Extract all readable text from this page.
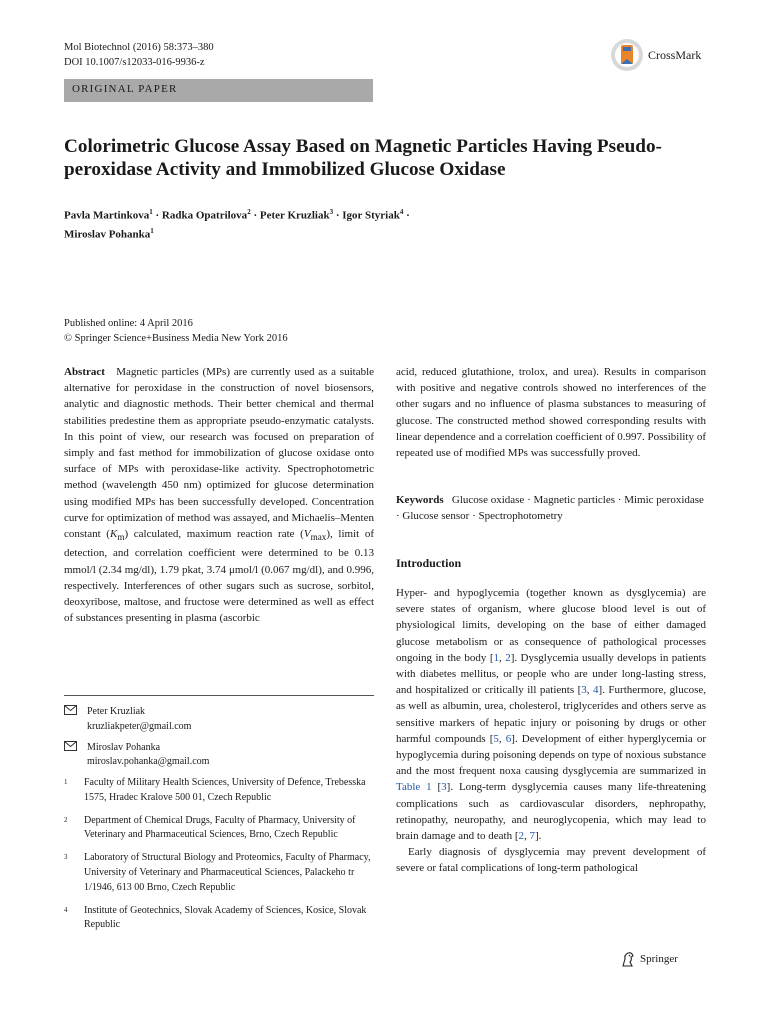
Mol Biotechnol (2016) 58:373–380
DOI 10.1007/s12033-016-9936-z
CrossMark
ORIGINAL PAPER
Colorimetric Glucose Assay Based on Magnetic Particles Having Pseudo-peroxidase Activity and Immobilized Glucose Oxidase
Pavla Martinkova$^1$ · Radka Opatrilova$^2$ · Peter Kruzliak$^3$ · Igor Styriak$^4$ ·
Miroslav Pohanka$^1$
Published online: 4 April 2016
© Springer Science+Business Media New York 2016
Abstract Magnetic particles (MPs) are currently used as a suitable alternative for peroxidase in the construction of novel biosensors, analytic and diagnostic methods. Their better chemical and thermal stabilities predestine them as appropriate pseudo-enzymatic catalysts. In this point of view, our research was focused on preparation of simply and fast method for immobilization of glucose oxidase onto surface of MPs with peroxidase-like activity. Spectrophotometric method (wavelength 450 nm) optimized for glucose determination using modified MPs has been successfully developed. Concentration curve for optimization of method was assayed, and Michaelis–Menten constant $(K_m)$ calculated, maximum reaction rate $(V_{max})$, limit of detection, and correlation coefficient were determined to be 0.13 mmol/l (2.34 mg/dl), 1.79 pkat, 3.74 μmol/l (0.067 mg/dl), and 0.996, respectively. Interferences of other sugars such as sucrose, sorbitol, deoxyribose, maltose, and fructose were determined as well as effect of substances presenting in plasma (ascorbic
acid, reduced glutathione, trolox, and urea). Results in comparison with positive and negative controls showed no interferences of the other sugars and no influence of plasma substances to measuring of glucose. The constructed method showed corresponding results with linear dependence and a correlation coefficient of 0.997. Possibility of repeated use of modified MPs was successfully proved.
Keywords Glucose oxidase · Magnetic particles · Mimic peroxidase · Glucose sensor · Spectrophotometry
Introduction

Hyper- and hypoglycemia (together known as dysglycemia) are severe states of organism, where glucose blood level is out of physiological limits, developing on the base of either damaged glucose metabolism or as consequence of pathological processes ongoing in the body [1, 2]. Dysglycemia usually develops in patients with diabetes mellitus, or people who are under long-lasting stress, and hospitalized or critically ill patients [3, 4]. Furthermore, glucose, as well as albumin, urea, cholesterol, triglycerides and others serve as sensitive markers of hepatic injury or poisoning by drugs or other harmful compounds [5, 6]. Development of either hyperglycemia or hypoglycemia during poisoning depends on type of noxious substance and the most frequent noxa causing dysglycemia are summarized in Table 1 [3]. Long-term dysglycemia causes many life-threatening complications such as cardiovascular disorders, nephropathy, retinopathy, neuropathy, and neuroglycopenia, which may lead to brain damage and to death [2, 7].

Early diagnosis of dysglycemia may prevent development of severe or fatal complications of long-term pathological

Peter Kruzliak
kruzliakpeter@gmail.com
Miroslav Pohanka
miroslav.pohanka@gmail.com
1	Faculty of Military Health Sciences, University of Defence, Trebesska 1575, Hradec Kralove 500 01, Czech Republic
2	Department of Chemical Drugs, Faculty of Pharmacy, University of Veterinary and Pharmaceutical Sciences, Brno, Czech Republic
3	Laboratory of Structural Biology and Proteomics, Faculty of Pharmacy, University of Veterinary and Pharmaceutical Sciences, Palackeho tr 1/1946, 613 00 Brno, Czech Republic
4	Institute of Geotechnics, Slovak Academy of Sciences, Kosice, Slovak Republic
Springer
